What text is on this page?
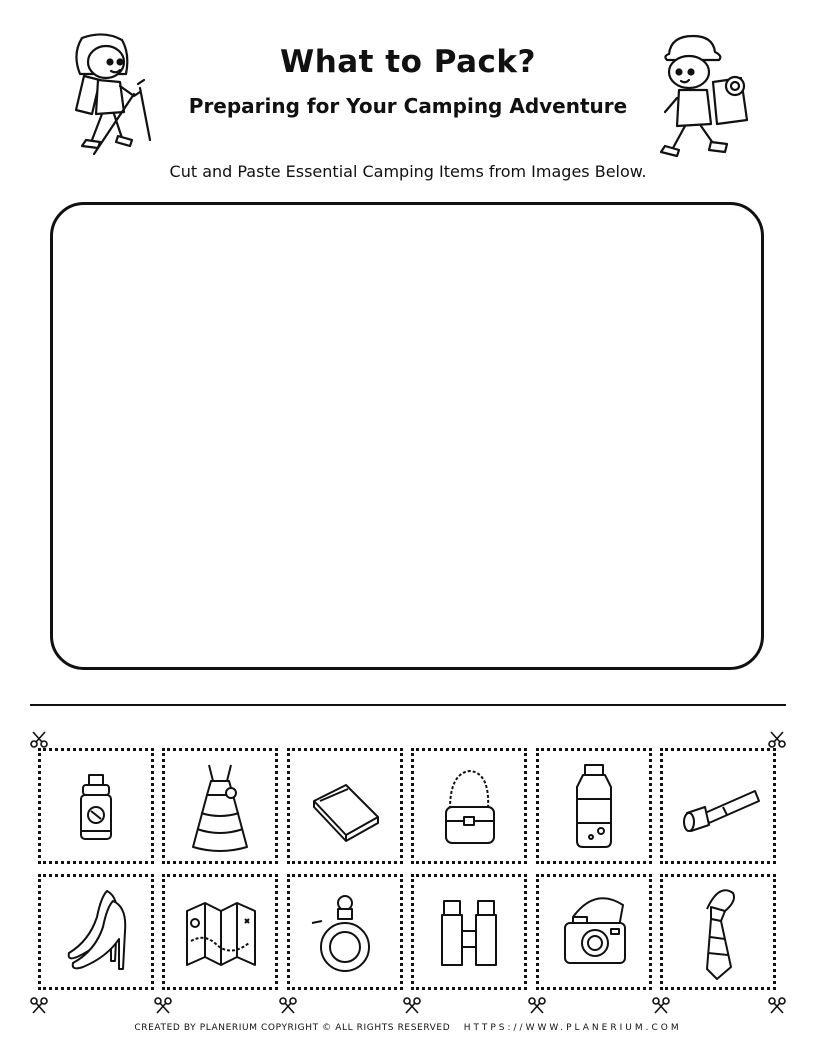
What to Pack?
Preparing for Your Camping Adventure
Cut and Paste Essential Camping Items from Images Below.
CREATED BY PLANERIUM COPYRIGHT © ALL RIGHTS RESERVED HTTPS://WWW.PLANERIUM.COM
